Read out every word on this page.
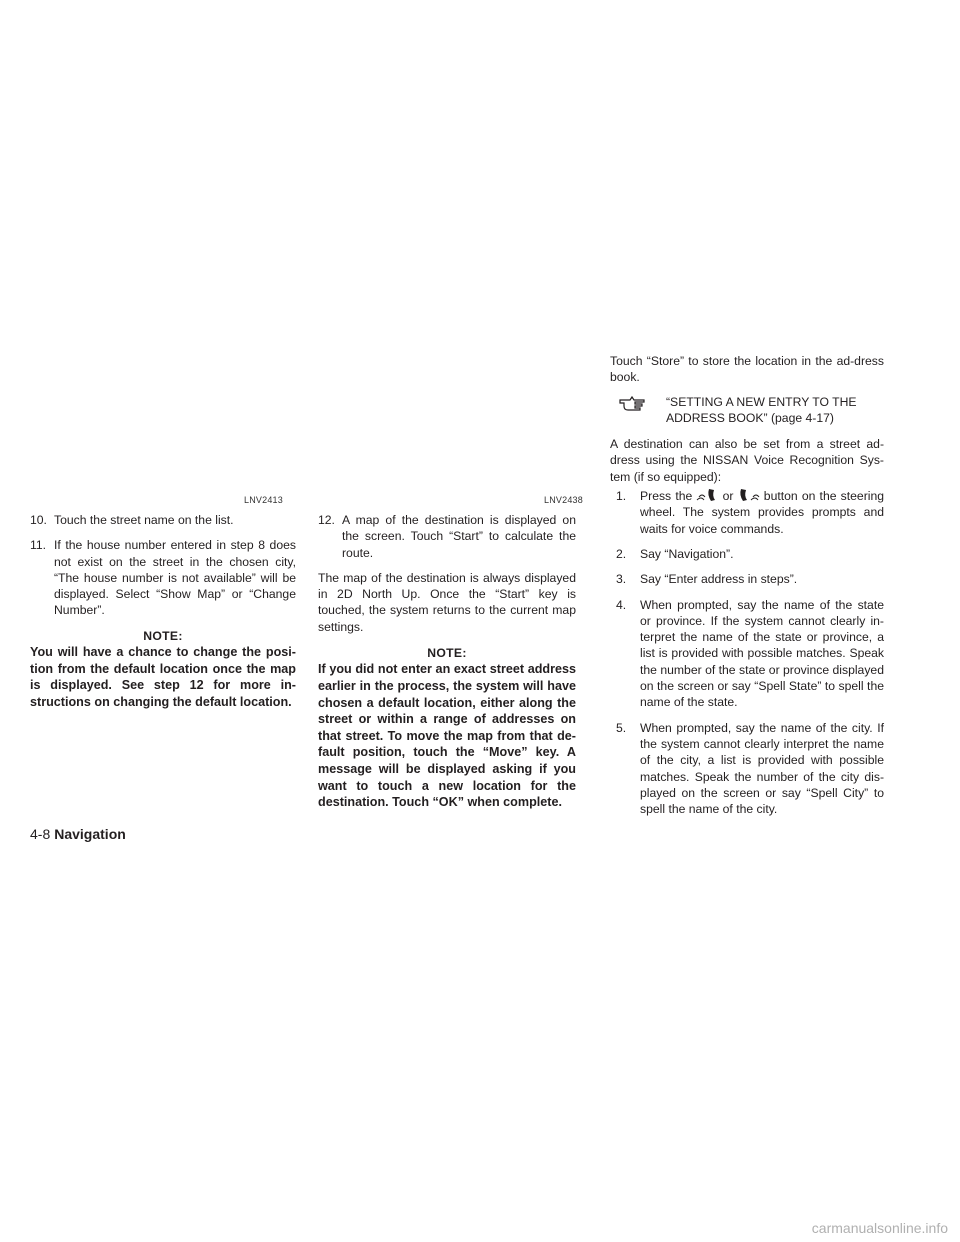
LNV2413	LNV2438
10. Touch the street name on the list.
11. If the house number entered in step 8 does not exist on the street in the chosen city, “The house number is not available” will be displayed. Select “Show Map” or “Change Number”.

NOTE:

You will have a chance to change the posi-tion from the default location once the map is displayed. See step 12 for more in-structions on changing the default location.

12. A map of the destination is displayed on the screen. Touch “Start” to calculate the route.

The map of the destination is always displayed in 2D North Up. Once the “Start” key is touched, the system returns to the current map settings.

NOTE:

If you did not enter an exact street address earlier in the process, the system will have chosen a default location, either along the street or within a range of addresses on that street. To move the map from that de-fault position, touch the “Move” key. A message will be displayed asking if you want to touch a new location for the destination. Touch “OK” when complete.

Touch “Store” to store the location in the ad-dress book.

“SETTING A NEW ENTRY TO THE ADDRESS BOOK” (page 4-17)

A destination can also be set from a street ad-dress using the NISSAN Voice Recognition Sys-tem (if so equipped):

1. Press the or button on the steering wheel. The system provides prompts and waits for voice commands.
2. Say “Navigation”.
3. Say “Enter address in steps”.
4. When prompted, say the name of the state or province. If the system cannot clearly in-terpret the name of the state or province, a list is provided with possible matches. Speak the number of the state or province displayed on the screen or say “Spell State” to spell the name of the state.
5. When prompted, say the name of the city. If the system cannot clearly interpret the name of the city, a list is provided with possible matches. Speak the number of the city dis-played on the screen or say “Spell City” to spell the name of the city.
4-8 Navigation
carmanualsonline.info
